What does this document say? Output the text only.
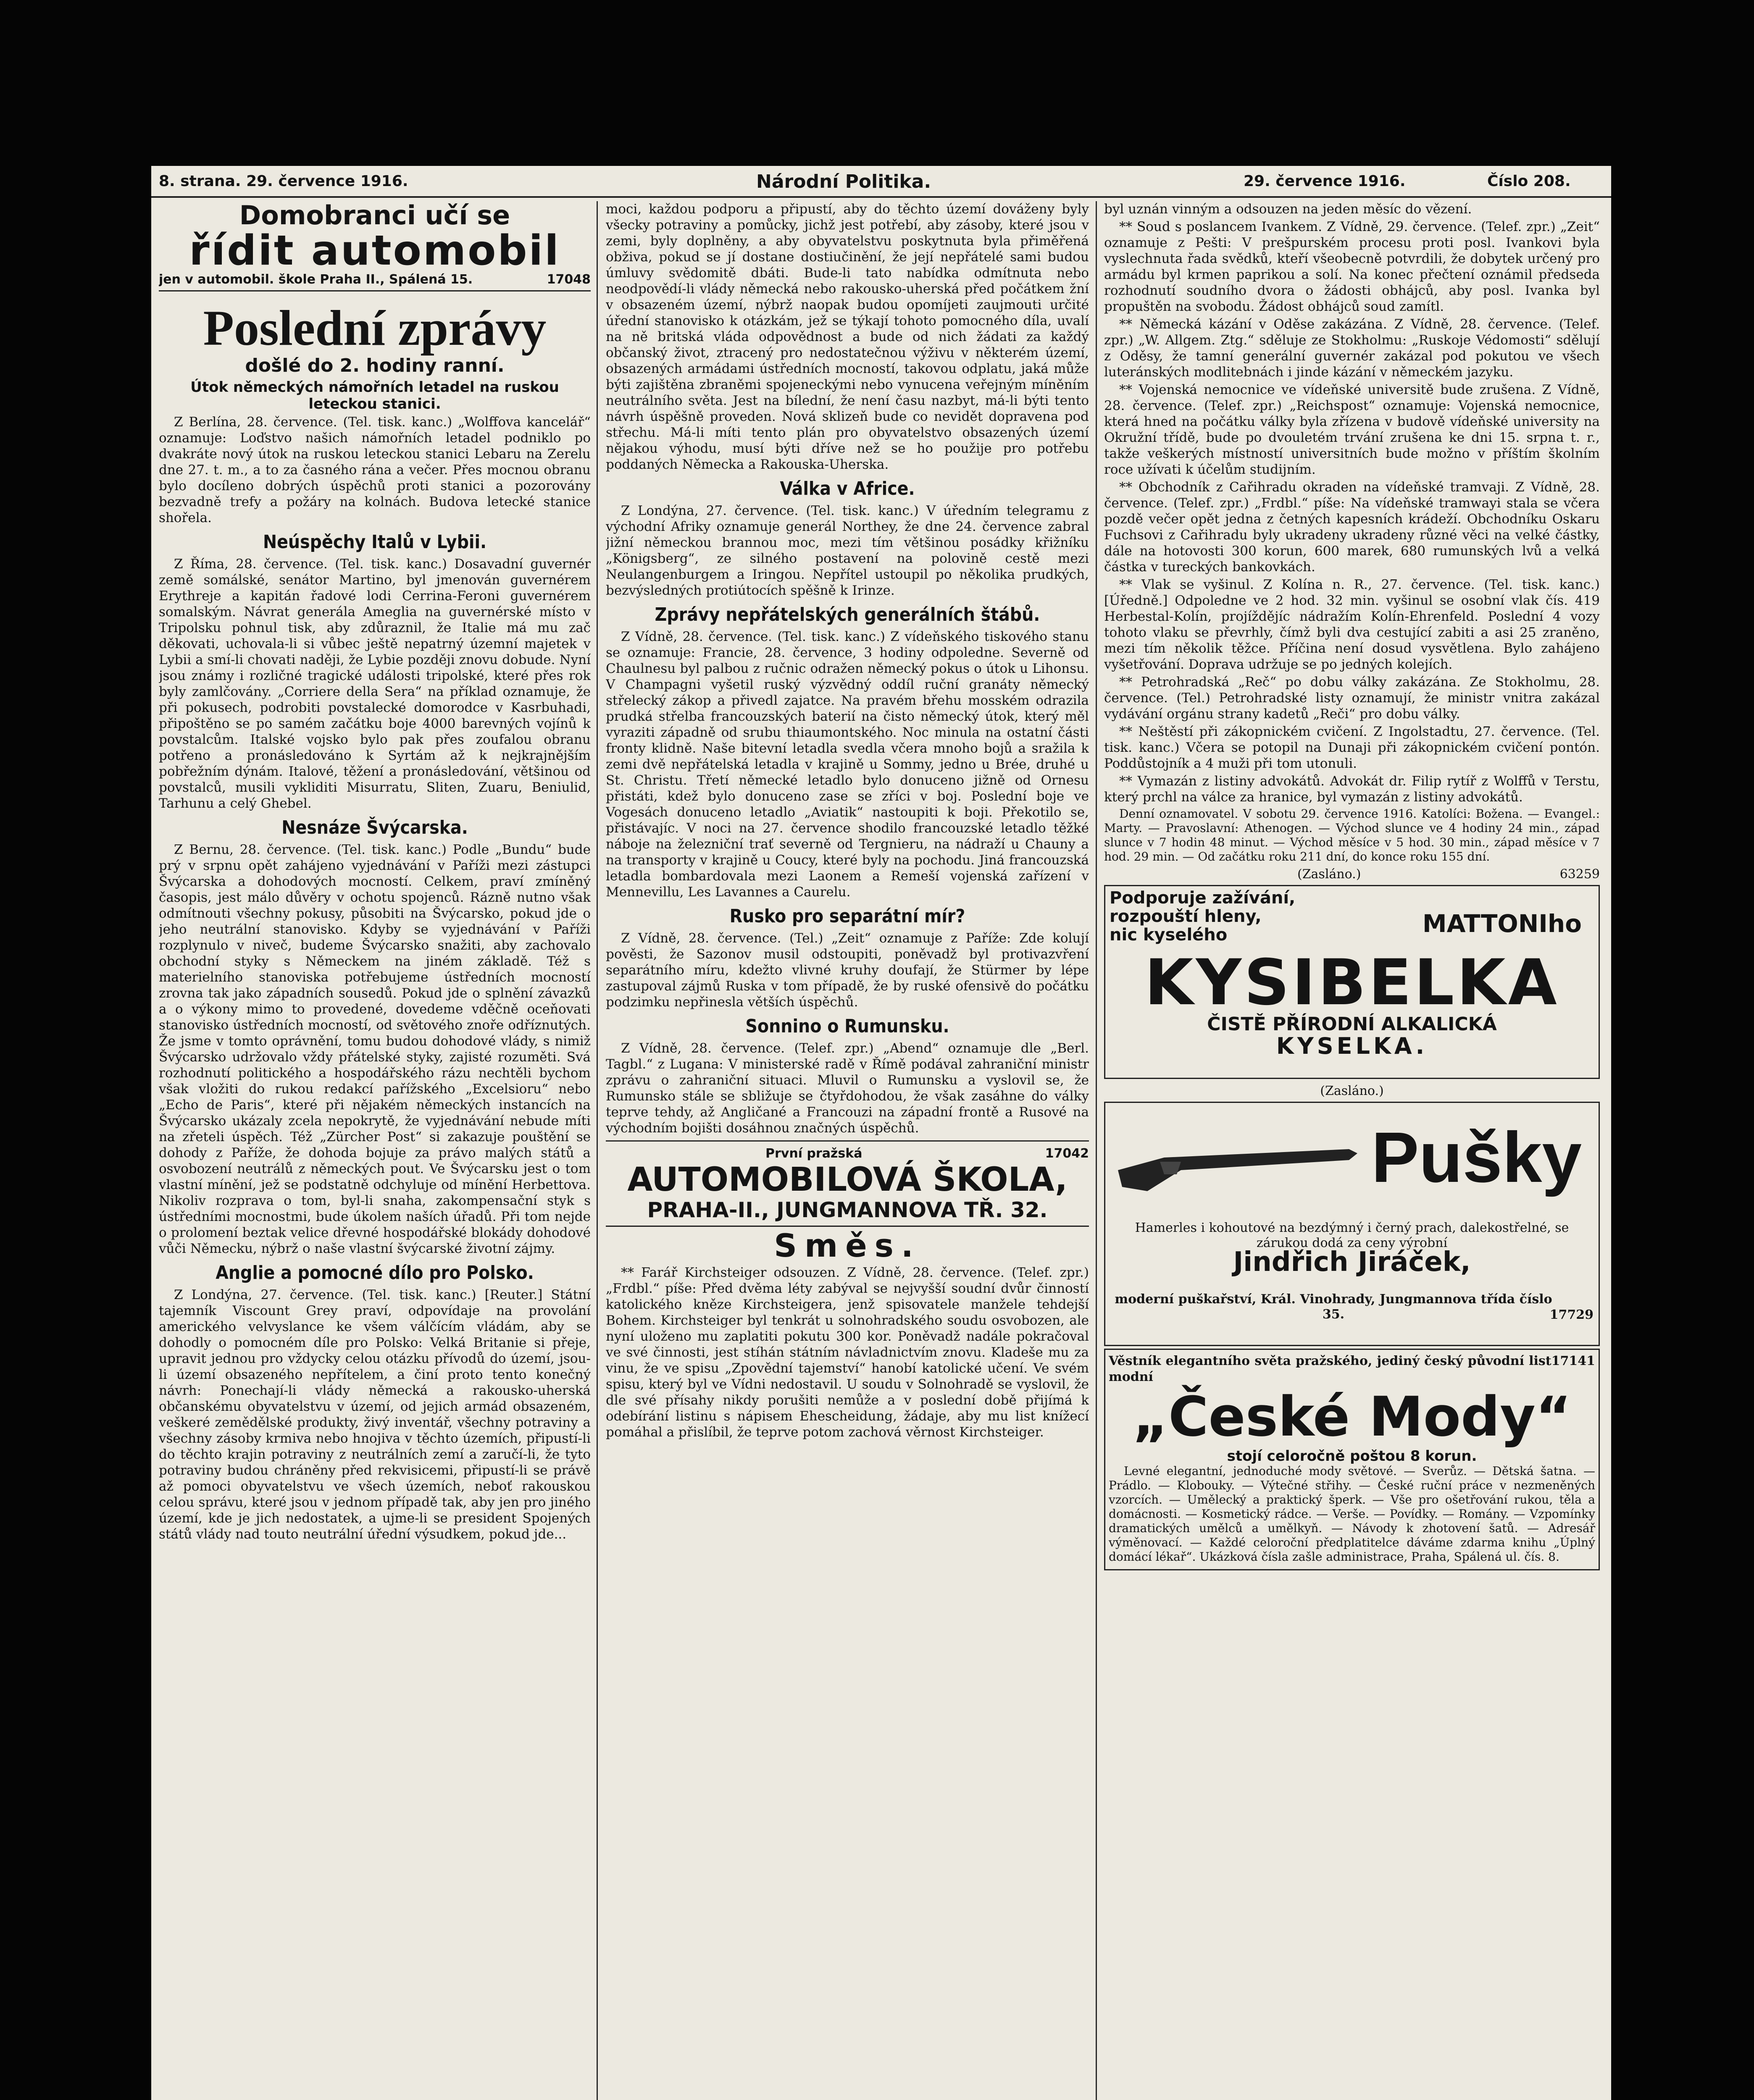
8. strana. 29. července 1916.	Národní Politika.	29. července 1916.	Číslo 208.
Domobranci učí se
řídit automobil
jen v automobil. škole Praha II., Spálená 15.	17048
Poslední zprávy
došlé do 2. hodiny ranní.
Útok německých námořních letadel na ruskou leteckou stanici.

Z Berlína, 28. července. (Tel. tisk. kanc.) „Wolffova kancelář“ oznamuje: Loďstvo našich námořních letadel podniklo po dvakráte nový útok na ruskou leteckou stanici Lebaru na Zerelu dne 27. t. m., a to za časného rána a večer. Přes mocnou obranu bylo docíleno dobrých úspěchů proti stanici a pozorovány bezvadně trefy a požáry na kolnách. Budova letecké stanice shořela.

Neúspěchy Italů v Lybii.

Z Říma, 28. července. (Tel. tisk. kanc.) Dosavadní guvernér země somálské, senátor Martino, byl jmenován guvernérem Erythreje a kapitán řadové lodi Cerrina-Feroni guvernérem somalským. Návrat generála Ameglia na guvernérské místo v Tripolsku pohnul tisk, aby zdůraznil, že Italie má mu zač děkovati, uchovala-li si vůbec ještě nepatrný územní majetek v Lybii a smí-li chovati naději, že Lybie později znovu dobude. Nyní jsou známy i rozličné tragické události tripolské, které přes rok byly zamlčovány. „Corriere della Sera“ na příklad oznamuje, že při pokusech, podrobiti povstalecké domorodce v Kasrbuhadi, připoštěno se po samém začátku boje 4000 barevných vojínů k povstalcům. Italské vojsko bylo pak přes zoufalou obranu potřeno a pronásledováno k Syrtám až k nejkrajnějším pobřežním dýnám. Italové, těžení a pronásledování, většinou od povstalců, musili vykliditi Misurratu, Sliten, Zuaru, Beniulid, Tarhunu a celý Ghebel.

Nesnáze Švýcarska.

Z Bernu, 28. července. (Tel. tisk. kanc.) Podle „Bundu“ bude prý v srpnu opět zahájeno vyjednávání v Paříži mezi zástupci Švýcarska a dohodových mocností. Celkem, praví zmíněný časopis, jest málo důvěry v ochotu spojenců. Rázně nutno však odmítnouti všechny pokusy, působiti na Švýcarsko, pokud jde o jeho neutrální stanovisko. Kdyby se vyjednávání v Paříži rozplynulo v niveč, budeme Švýcarsko snažiti, aby zachovalo obchodní styky s Německem na jiném základě. Též s materielního stanoviska potřebujeme ústředních mocností zrovna tak jako západních sousedů. Pokud jde o splnění závazků a o výkony mimo to provedené, dovedeme vděčně oceňovati stanovisko ústředních mocností, od světového znoře odříznutých. Že jsme v tomto oprávnění, tomu budou dohodové vlády, s nimiž Švýcarsko udržovalo vždy přátelské styky, zajisté rozuměti. Svá rozhodnutí politického a hospodářského rázu nechtěli bychom však vložiti do rukou redakcí pařížského „Excelsioru“ nebo „Echo de Paris“, které při nějakém německých instancích na Švýcarsko ukázaly zcela nepokrytě, že vyjednávání nebude míti na zřeteli úspěch. Též „Zürcher Post“ si zakazuje pouštění se dohody z Paříže, že dohoda bojuje za právo malých států a osvobození neutrálů z německých pout. Ve Švýcarsku jest o tom vlastní mínění, jež se podstatně odchyluje od mínění Herbettova. Nikoliv rozprava o tom, byl-li snaha, zakompensační styk s ústředními mocnostmi, bude úkolem naších úřadů. Při tom nejde o prolomení beztak velice dřevné hospodářské blokády dohodové vůči Německu, nýbrž o naše vlastní švýcarské životní zájmy.

Anglie a pomocné dílo pro Polsko.

Z Londýna, 27. července. (Tel. tisk. kanc.) [Reuter.] Státní tajemník Viscount Grey praví, odpovídaje na provolání amerického velvyslance ke všem válčícím vládám, aby se dohodly o pomocném díle pro Polsko: Velká Britanie si přeje, upravit jednou pro vždycky celou otázku přívodů do území, jsou-li území obsazeného nepřítelem, a činí proto tento konečný návrh: Ponechají-li vlády německá a rakousko-uherská občanskému obyvatelstvu v území, od jejich armád obsazeném, veškeré zemědělské produkty, živý inventář, všechny potraviny a všechny zásoby krmiva nebo hnojiva v těchto územích, připustí-li do těchto krajin potraviny z neutrálních zemí a zaručí-li, že tyto potraviny budou chráněny před rekvisicemi, připustí-li se právě až pomoci obyvatelstvu ve všech územích, neboť rakouskou celou správu, které jsou v jednom případě tak, aby jen pro jiného území, kde je jich nedostatek, a ujme-li se president Spojených států vlády nad touto neutrální úřední výsudkem, pokud jde...

moci, každou podporu a připustí, aby do těchto území dováženy byly všecky potraviny a pomůcky, jichž jest potřebí, aby zásoby, které jsou v zemi, byly doplněny, a aby obyvatelstvu poskytnuta byla přiměřená obživa, pokud se jí dostane dostiučinění, že její nepřátelé sami budou úmluvy svědomitě dbáti. Bude-li tato nabídka odmítnuta nebo neodpovědí-li vlády německá nebo rakousko-uherská před počátkem žní v obsazeném území, nýbrž naopak budou opomíjeti zaujmouti určité úřední stanovisko k otázkám, jež se týkají tohoto pomocného díla, uvalí na ně britská vláda odpovědnost a bude od nich žádati za každý občanský život, ztracený pro nedostatečnou výživu v některém území, obsazených armádami ústředních mocností, takovou odplatu, jaká může býti zajištěna zbraněmi spojeneckými nebo vynucena veřejným míněním neutrálního světa. Jest na bílední, že není času nazbyt, má-li býti tento návrh úspěšně proveden. Nová sklizeň bude co nevidět dopravena pod střechu. Má-li míti tento plán pro obyvatelstvo obsazených území nějakou výhodu, musí býti dříve než se ho použije pro potřebu poddaných Německa a Rakouska-Uherska.

Válka v Africe.

Z Londýna, 27. července. (Tel. tisk. kanc.) V úředním telegramu z východní Afriky oznamuje generál Northey, že dne 24. července zabral jižní německou brannou moc, mezi tím většinou posádky křižníku „Königsberg“, ze silného postavení na polovině cestě mezi Neulangenburgem a Iringou. Nepřítel ustoupil po několika prudkých, bezvýsledných protiútocích spěšně k Irinze.

Zprávy nepřátelských generálních štábů.

Z Vídně, 28. července. (Tel. tisk. kanc.) Z vídeňského tiskového stanu se oznamuje: Francie, 28. července, 3 hodiny odpoledne. Severně od Chaulnesu byl palbou z ručnic odražen německý pokus o útok u Lihonsu. V Champagni vyšetil ruský výzvědný oddíl ruční granáty německý střelecký zákop a přivedl zajatce. Na pravém břehu mosském odrazila prudká střelba francouzských baterií na čisto německý útok, který měl vyraziti západně od srubu thiaumontského. Noc minula na ostatní části fronty klidně. Naše bitevní letadla svedla včera mnoho bojů a sražila k zemi dvě nepřátelská letadla v krajině u Sommy, jedno u Brée, druhé u St. Christu. Třetí německé letadlo bylo donuceno jižně od Ornesu přistáti, kdež bylo donuceno zase se zříci v boj. Poslední boje ve Vogesách donuceno letadlo „Aviatik“ nastoupiti k boji. Překotilo se, přistávajíc. V noci na 27. července shodilo francouzské letadlo těžké náboje na železniční trať severně od Tergnieru, na nádraží u Chauny a na transporty v krajině u Coucy, které byly na pochodu. Jiná francouzská letadla bombardovala mezi Laonem a Remeší vojenská zařízení v Mennevillu, Les Lavannes a Caurelu.

Rusko pro separátní mír?

Z Vídně, 28. července. (Tel.) „Zeit“ oznamuje z Paříže: Zde kolují pověsti, že Sazonov musil odstoupiti, poněvadž byl protivazvření separátního míru, kdežto vlivné kruhy doufají, že Stürmer by lépe zastupoval zájmů Ruska v tom případě, že by ruské ofensivě do počátku podzimku nepřinesla větších úspěchů.

Sonnino o Rumunsku.

Z Vídně, 28. července. (Telef. zpr.) „Abend“ oznamuje dle „Berl. Tagbl.“ z Lugana: V ministerské radě v Římě podával zahraniční ministr zprávu o zahraniční situaci. Mluvil o Rumunsku a vyslovil se, že Rumunsko stále se sbližuje se čtyřdohodou, že však zasáhne do války teprve tehdy, až Angličané a Francouzi na západní frontě a Rusové na východním bojišti dosáhnou značných úspěchů.

První pražská	17042
AUTOMOBILOVÁ ŠKOLA,
PRAHA-II., JUNGMANNOVA TŘ. 32.
Směs.

** Farář Kirchsteiger odsouzen. Z Vídně, 28. července. (Telef. zpr.) „Frdbl.“ píše: Před dvěma léty zabýval se nejvyšší soudní dvůr činností katolického kněze Kirchsteigera, jenž spisovatele manžele tehdejší Bohem. Kirchsteiger byl tenkrát u solnohradského soudu osvobozen, ale nyní uloženo mu zaplatiti pokutu 300 kor. Poněvadž nadále pokračoval ve své činnosti, jest stíhán státním návladnictvím znovu. Kladeše mu za vinu, že ve spisu „Zpovědní tajemství“ hanobí katolické učení. Ve svém spisu, který byl ve Vídni nedostavil. U soudu v Solnohradě se vyslovil, že dle své přísahy nikdy porušiti nemůže a v poslední době přijímá k odebírání listinu s nápisem Ehescheidung, žádaje, aby mu list knížecí pomáhal a přislíbil, že teprve potom zachová věrnost Kirchsteiger.

byl uznán vinným a odsouzen na jeden měsíc do vězení.

** Soud s poslancem Ivankem. Z Vídně, 29. července. (Telef. zpr.) „Zeit“ oznamuje z Pešti: V prešpurském procesu proti posl. Ivankovi byla vyslechnuta řada svědků, kteří všeobecně potvrdili, že dobytek určený pro armádu byl krmen paprikou a solí. Na konec přečtení oznámil předseda rozhodnutí soudního dvora o žádosti obhájců, aby posl. Ivanka byl propuštěn na svobodu. Žádost obhájců soud zamítl.

** Německá kázání v Oděse zakázána. Z Vídně, 28. července. (Telef. zpr.) „W. Allgem. Ztg.“ sděluje ze Stokholmu: „Ruskoje Védomosti“ sdělují z Oděsy, že tamní generální guvernér zakázal pod pokutou ve všech luteránských modlitebnách i jinde kázání v německém jazyku.

** Vojenská nemocnice ve vídeňské universitě bude zrušena. Z Vídně, 28. července. (Telef. zpr.) „Reichspost“ oznamuje: Vojenská nemocnice, která hned na počátku války byla zřízena v budově vídeňské university na Okružní třídě, bude po dvouletém trvání zrušena ke dni 15. srpna t. r., takže veškerých místností universitních bude možno v příštím školním roce užívati k účelům studijním.

** Obchodník z Cařihradu okraden na vídeňské tramvaji. Z Vídně, 28. července. (Telef. zpr.) „Frdbl.“ píše: Na vídeňské tramwayi stala se včera pozdě večer opět jedna z četných kapesních krádeží. Obchodníku Oskaru Fuchsovi z Cařihradu byly ukradeny ukradeny různé věci na velké částky, dále na hotovosti 300 korun, 600 marek, 680 rumunských lvů a velká částka v tureckých bankovkách.

** Vlak se vyšinul. Z Kolína n. R., 27. července. (Tel. tisk. kanc.) [Úředně.] Odpoledne ve 2 hod. 32 min. vyšinul se osobní vlak čís. 419 Herbestal-Kolín, projíždějíc nádražím Kolín-Ehrenfeld. Poslední 4 vozy tohoto vlaku se převrhly, čímž byli dva cestující zabiti a asi 25 zraněno, mezi tím několik těžce. Příčina není dosud vysvětlena. Bylo zahájeno vyšetřování. Doprava udržuje se po jedných kolejích.

** Petrohradská „Reč“ po dobu války zakázána. Ze Stokholmu, 28. července. (Tel.) Petrohradské listy oznamují, že ministr vnitra zakázal vydávání orgánu strany kadetů „Reči“ pro dobu války.

** Neštěstí při zákopnickém cvičení. Z Ingolstadtu, 27. července. (Tel. tisk. kanc.) Včera se potopil na Dunaji při zákopnickém cvičení pontón. Poddůstojník a 4 muži při tom utonuli.

** Vymazán z listiny advokátů. Advokát dr. Filip rytíř z Wolffů v Terstu, který prchl na válce za hranice, byl vymazán z listiny advokátů.

Denní oznamovatel. V sobotu 29. července 1916. Katolíci: Božena. — Evangel.: Marty. — Pravoslavní: Athenogen. — Východ slunce ve 4 hodiny 24 min., západ slunce v 7 hodin 48 minut. — Východ měsíce v 5 hod. 30 min., západ měsíce v 7 hod. 29 min. — Od začátku roku 211 dní, do konce roku 155 dní.

(Zasláno.)	63259
Podporuje zažívání,
rozpouští hleny,
nic kyselého	MATTONIho
KYSIBELKA
ČISTĚ PŘÍRODNÍ ALKALICKÁ
KYSELKA.
(Zasláno.)
Pušky
Hamerles i kohoutové na bezdýmný i černý prach, dalekostřelné, se zárukou dodá za ceny výrobní
Jindřich Jiráček,
moderní puškařství, Král. Vinohrady, Jungmannova třída číslo 35.	17729
Věstník elegantního světa pražského, jediný český původní list modní
17141
„České Mody“
stojí celoročně poštou 8 korun.

Levné elegantní, jednoduché mody světové. — Sverůz. — Dětská šatna. — Prádlo. — Klobouky. — Výtečné střihy. — České ruční práce v nezmeněných vzorcích. — Umělecký a praktický šperk. — Vše pro ošetřování rukou, těla a domácnosti. — Kosmetický rádce. — Verše. — Povídky. — Romány. — Vzpomínky dramatických umělců a umělkyň. — Návody k zhotovení šatů. — Adresář výměnovací. — Každé celoroční předplatitelce dáváme zdarma knihu „Úplný domácí lékař“. Ukázková čísla zašle administrace, Praha, Spálená ul. čís. 8.
